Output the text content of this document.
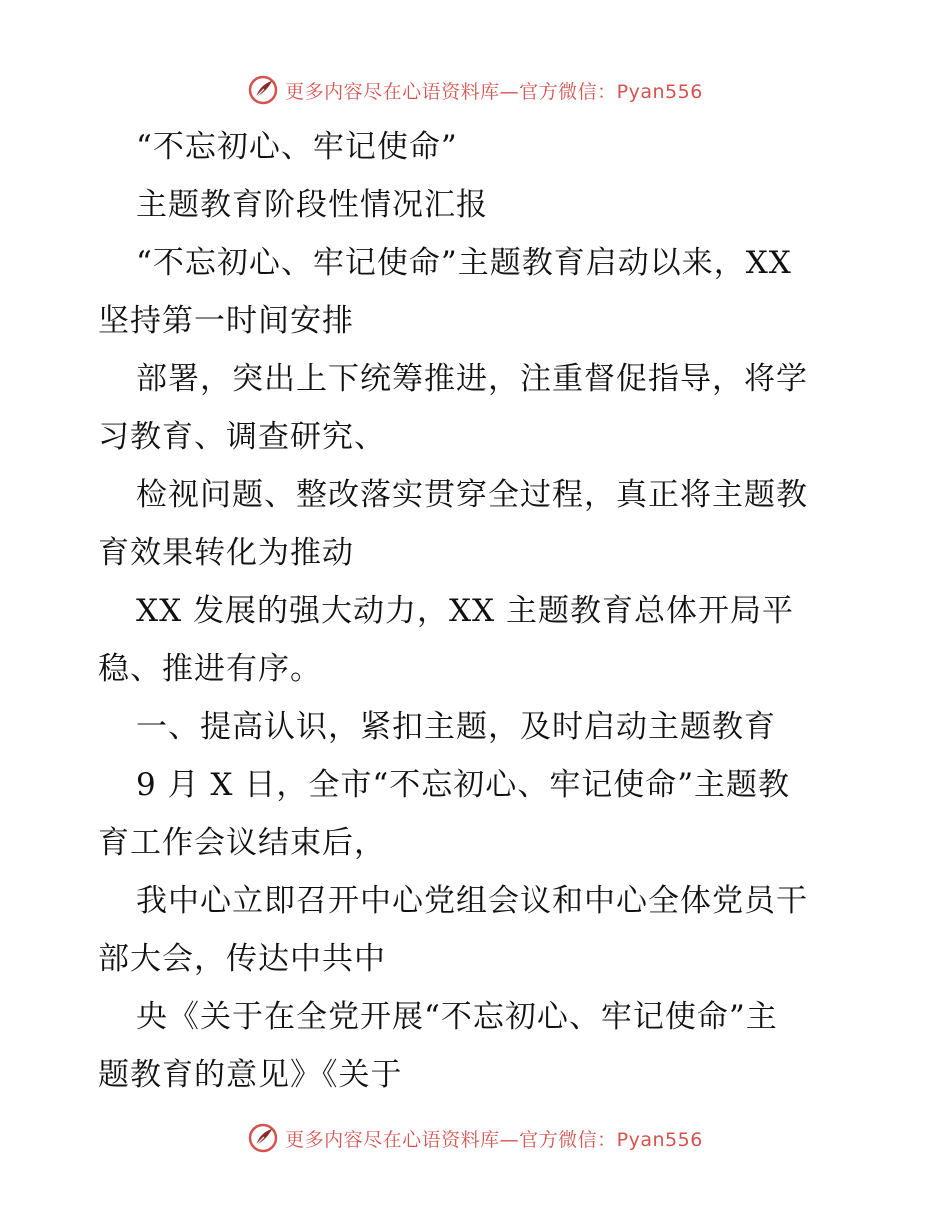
更多内容尽在心语资料库—官方微信：Pyan556
“不忘初心、牢记使命”
主题教育阶段性情况汇报
“不忘初心、牢记使命”主题教育启动以来，XX
坚持第一时间安排
部署，突出上下统筹推进，注重督促指导，将学
习教育、调查研究、
检视问题、整改落实贯穿全过程，真正将主题教
育效果转化为推动
XX 发展的强大动力，XX 主题教育总体开局平
稳、推进有序。
一、提高认识，紧扣主题，及时启动主题教育
9 月 X 日，全市“不忘初心、牢记使命”主题教
育工作会议结束后，
我中心立即召开中心党组会议和中心全体党员干
部大会，传达中共中
央《关于在全党开展“不忘初心、牢记使命”主
题教育的意见》《关于
更多内容尽在心语资料库—官方微信：Pyan556
